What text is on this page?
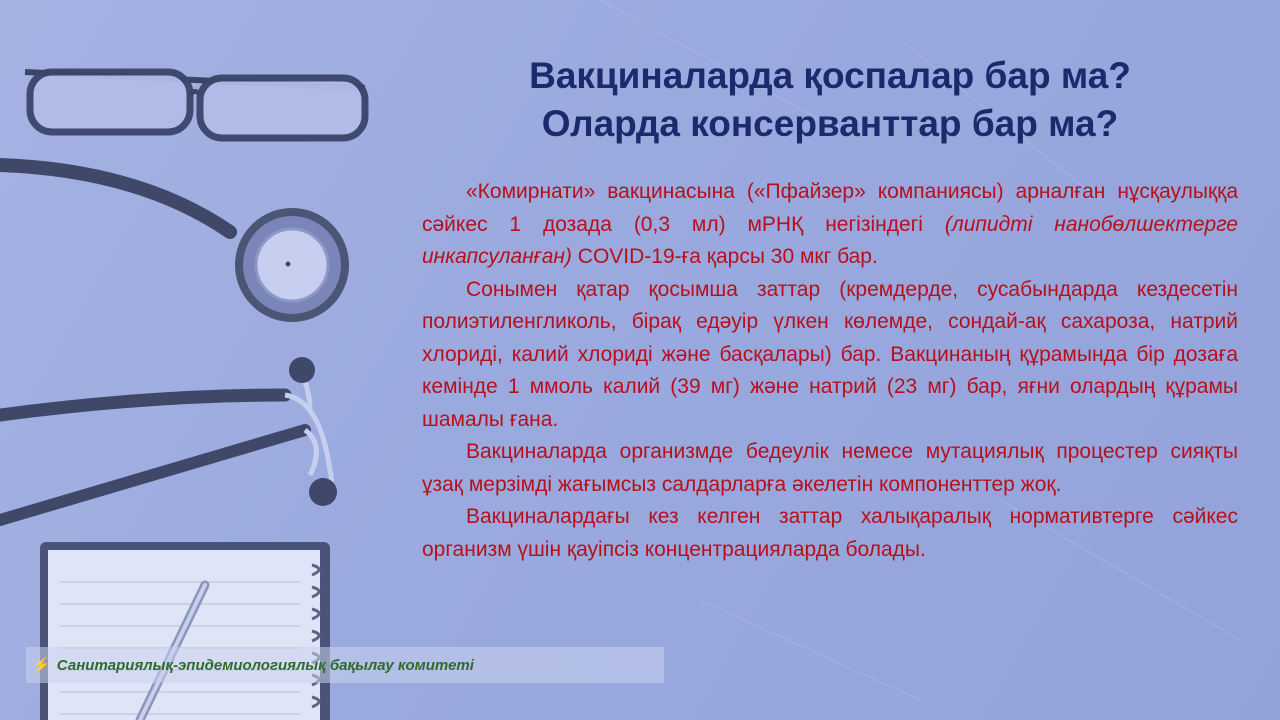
Вакциналарда қоспалар бар ма?
Оларда консерванттар бар ма?

«Комирнати» вакцинасына («Пфайзер» компаниясы) арналған нұсқаулыққа сәйкес 1 дозада (0,3 мл) мРНҚ негізіндегі (липидті нанобөлшектерге инкапсуланған) COVID-19-ға қарсы 30 мкг бар.

Сонымен қатар қосымша заттар (кремдерде, сусабындарда кездесетін полиэтиленгликоль, бірақ едәуір үлкен көлемде, сондай-ақ сахароза, натрий хлориді, калий хлориді және басқалары) бар. Вакцинаның құрамында бір дозаға кемінде 1 ммоль калий (39 мг) және натрий (23 мг) бар, яғни олардың құрамы шамалы ғана.

Вакциналарда организмде бедеулік немесе мутациялық процестер сияқты ұзақ мерзімді жағымсыз салдарларға әкелетін компоненттер жоқ.

Вакциналардағы кез келген заттар халықаралық нормативтерге сәйкес организм үшін қауіпсіз концентрацияларда болады.

⚡ Санитариялық-эпидемиологиялық бақылау комитеті
